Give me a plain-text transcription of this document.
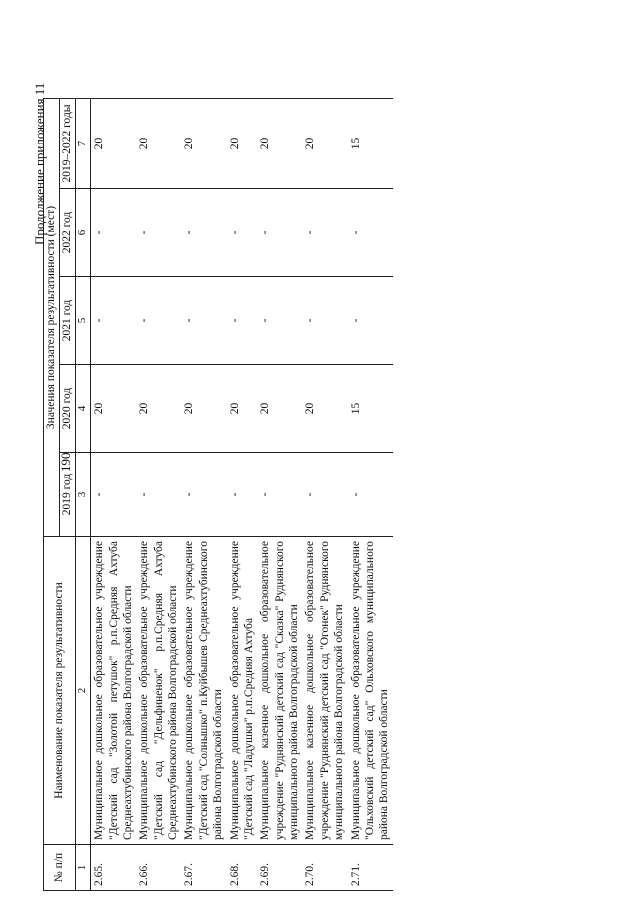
190
Продолжение приложения 11
№ п/п	Наименование показателя результативности	Значения показателя результативности (мест)				
		2019 год	2020 год	2021 год	2022 год	2019–2022 годы
1	2	3	4	5	6	7
2.65.	Муниципальное дошкольное образовательное учреждение "Детский сад "Золотой петушок" р.п.Средняя Ахтуба Среднеахтубинского района Волгоградской области	-	20	-	-	20
2.66.	Муниципальное дошкольное образовательное учреждение "Детский сад "Дельфиненок" р.п.Средняя Ахтуба Среднеахтубинского района Волгоградской области	-	20	-	-	20
2.67.	Муниципальное дошкольное образовательное учреждение "Детский сад "Солнышко" п.Куйбышев Среднеахтубинского района Волгоградской области	-	20	-	-	20
2.68.	Муниципальное дошкольное образовательное учреждение "Детский сад "Ладушки" р.п.Средняя Ахтуба	-	20	-	-	20
2.69.	Муниципальное казенное дошкольное образовательное учреждение "Руднянский детский сад "Сказка" Руднянского муниципального района Волгоградской области	-	20	-	-	20
2.70.	Муниципальное казенное дошкольное образовательное учреждение "Руднянский детский сад "Огонек" Руднянского муниципального района Волгоградской области	-	20	-	-	20
2.71.	Муниципальное дошкольное образовательное учреждение "Ольховский детский сад" Ольховского муниципального района Волгоградской области	-	15	-	-	15
